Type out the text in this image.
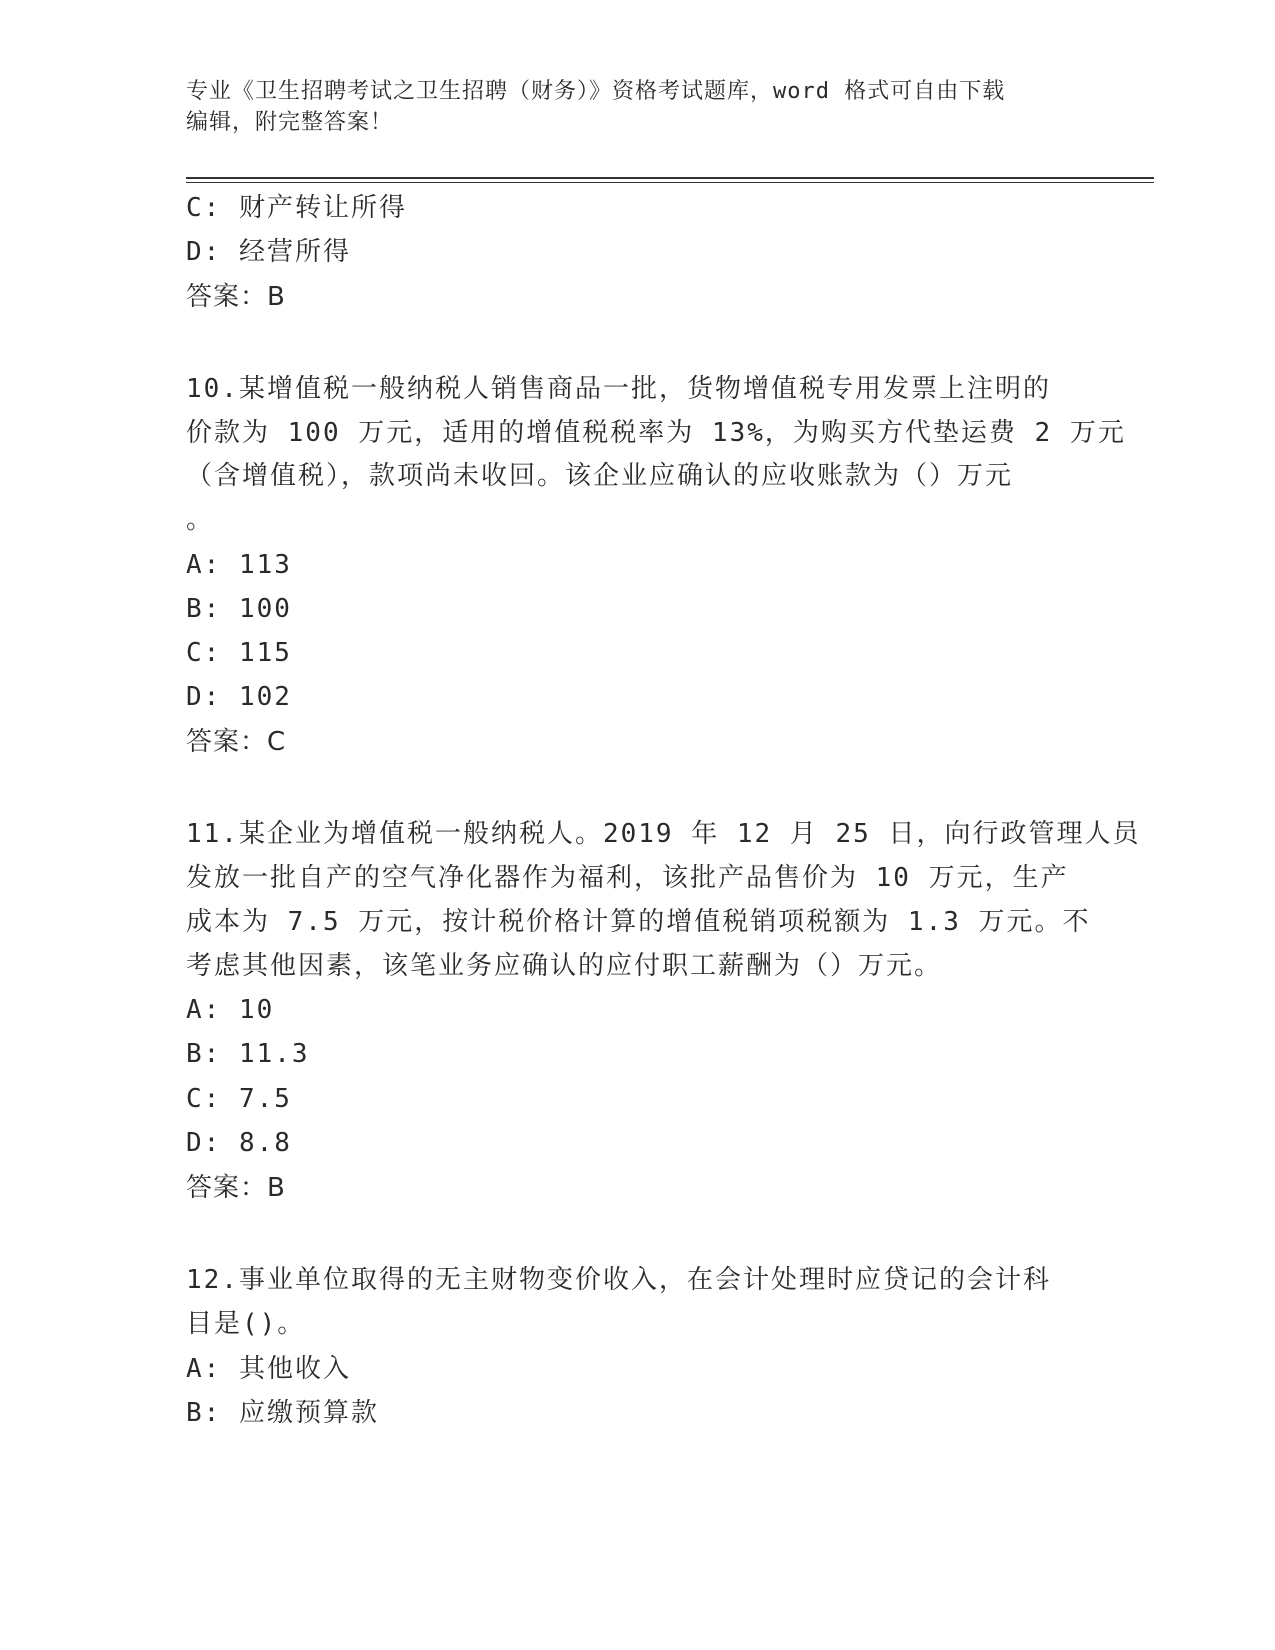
专业《卫生招聘考试之卫生招聘（财务）》资格考试题库，word 格式可自由下载
编辑，附完整答案！
C: 财产转让所得
D: 经营所得
答案：B
10.某增值税一般纳税人销售商品一批，货物增值税专用发票上注明的
价款为 100 万元，适用的增值税税率为 13%，为购买方代垫运费 2 万元
（含增值税），款项尚未收回。该企业应确认的应收账款为（）万元
。
A: 113
B: 100
C: 115
D: 102
答案：C
11.某企业为增值税一般纳税人。2019 年 12 月 25 日，向行政管理人员
发放一批自产的空气净化器作为福利，该批产品售价为 10 万元，生产
成本为 7.5 万元，按计税价格计算的增值税销项税额为 1.3 万元。不
考虑其他因素，该笔业务应确认的应付职工薪酬为（）万元。
A: 10
B: 11.3
C: 7.5
D: 8.8
答案：B
12.事业单位取得的无主财物变价收入，在会计处理时应贷记的会计科
目是()。
A: 其他收入
B: 应缴预算款
